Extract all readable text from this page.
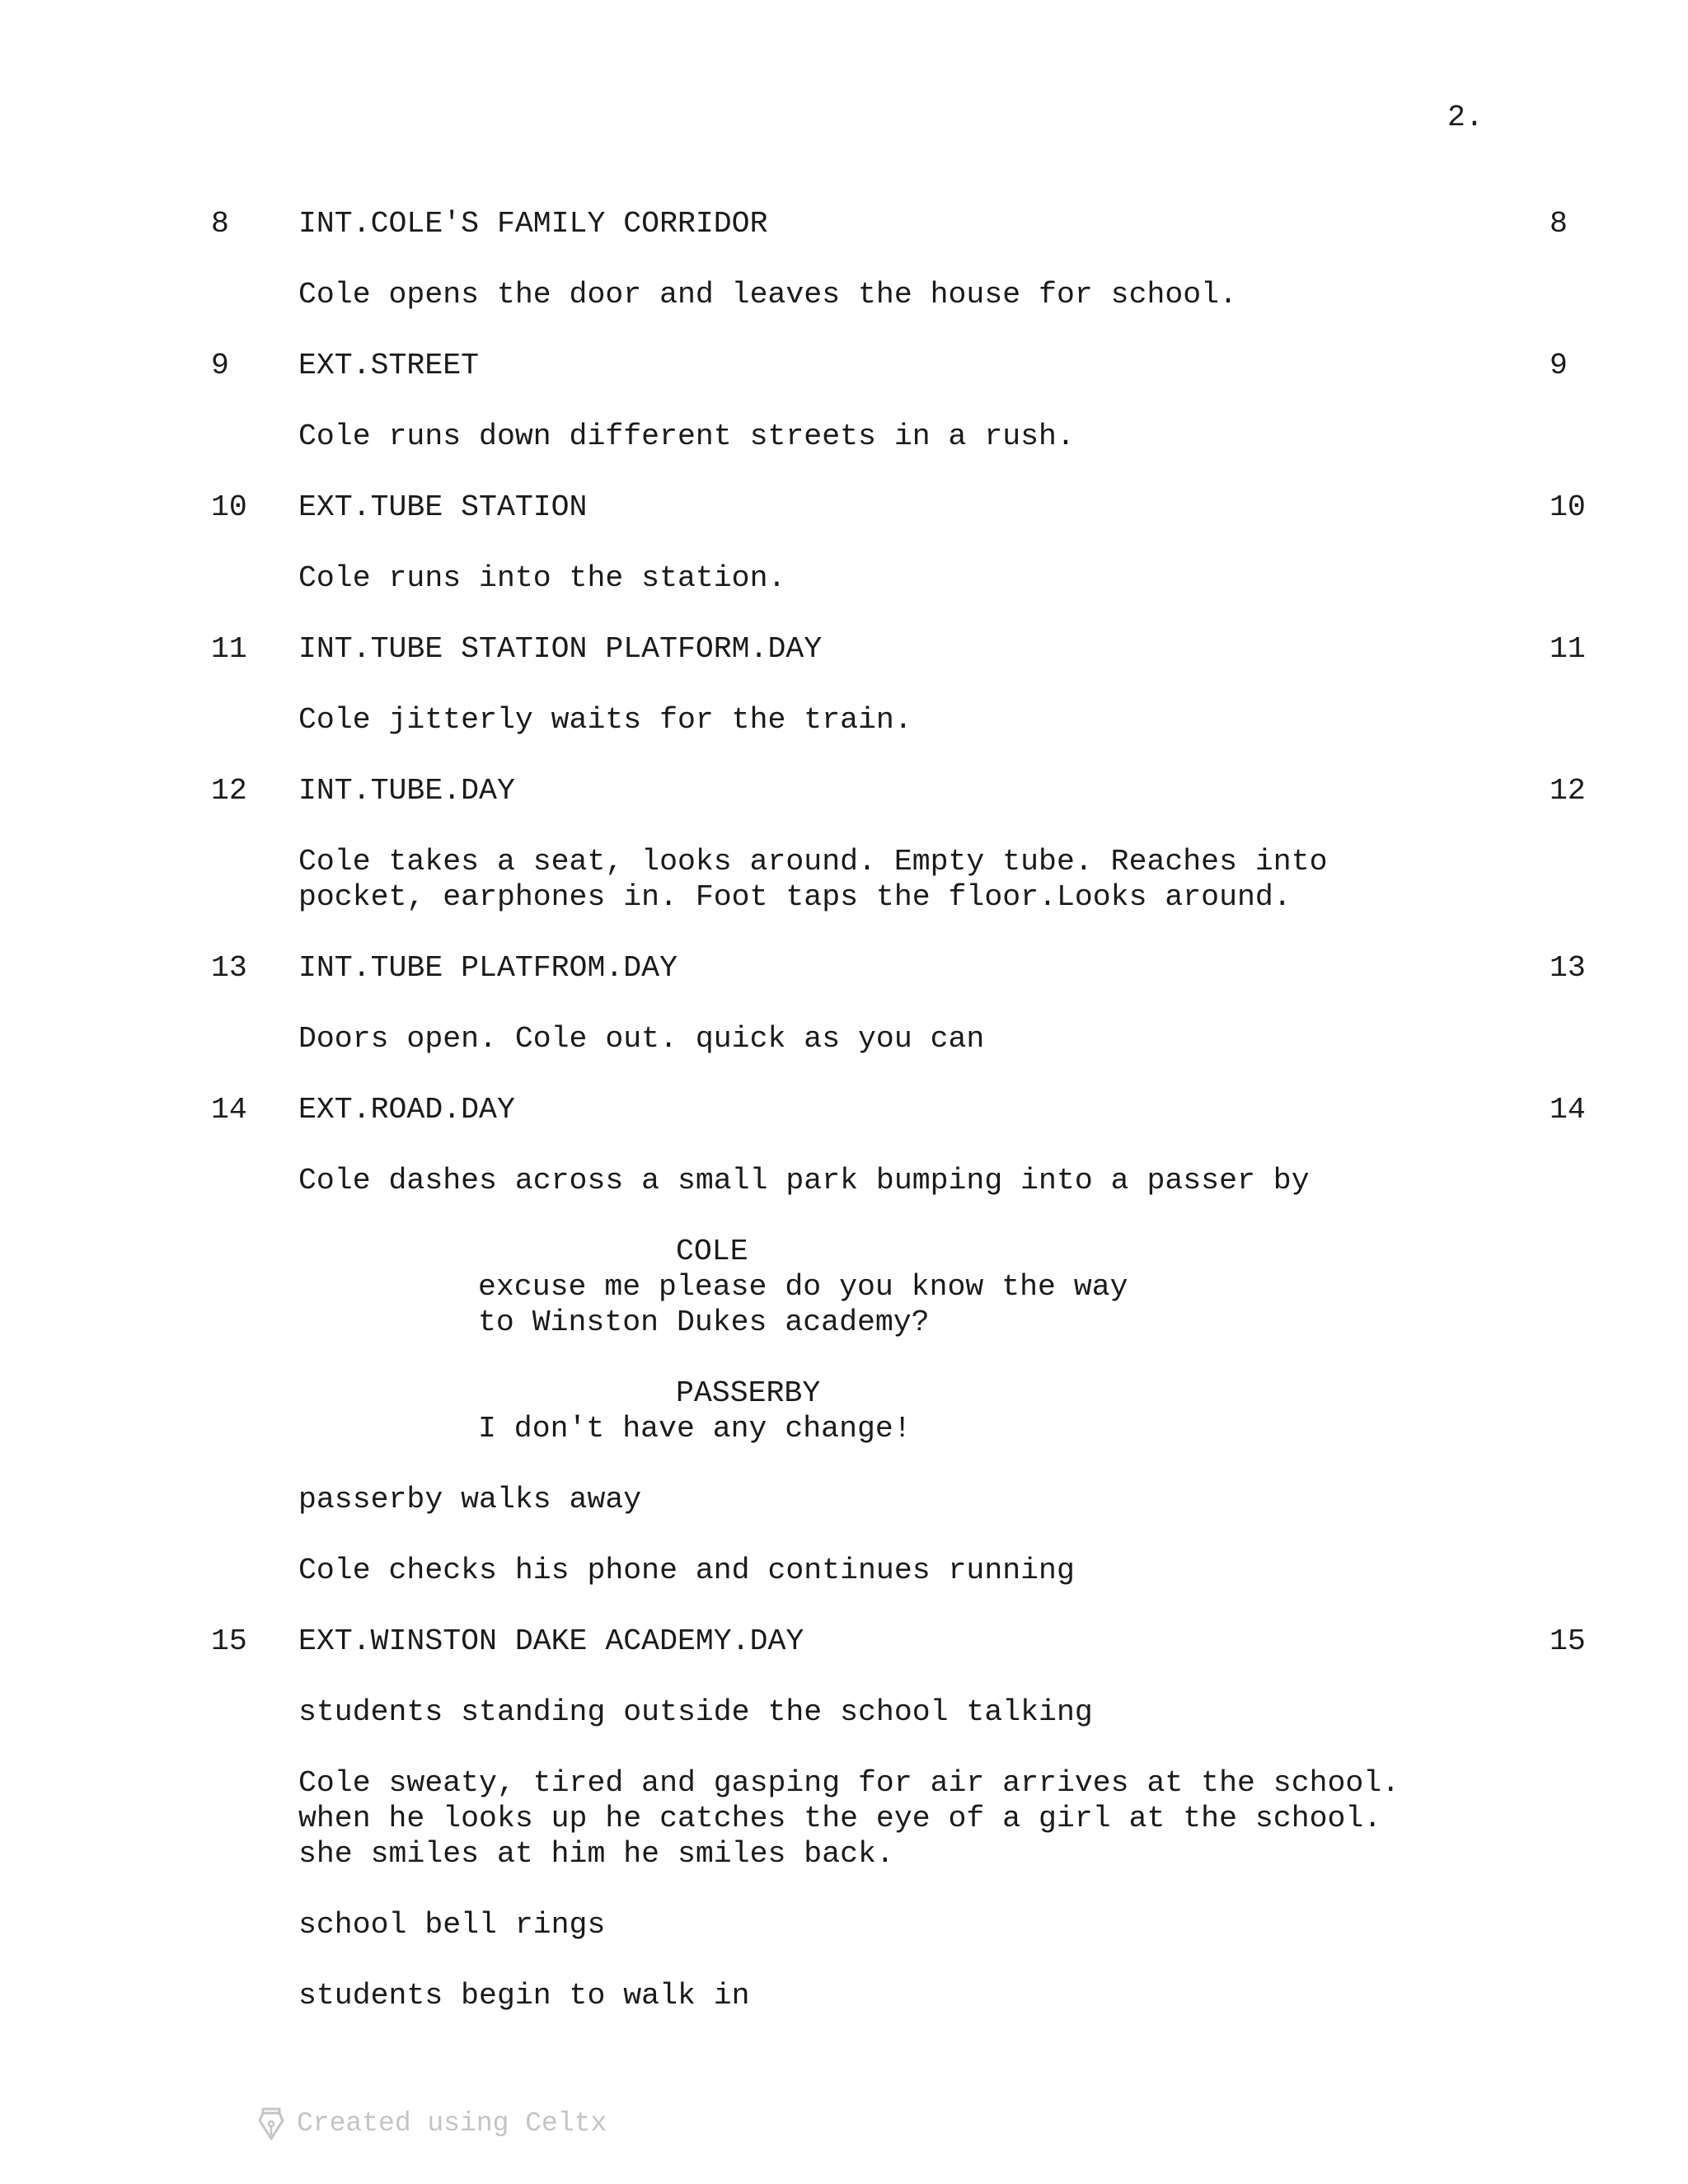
2.
8 INT.COLE'S FAMILY CORRIDOR	8
Cole opens the door and leaves the house for school.
9 EXT.STREET	9
Cole runs down different streets in a rush.
10 EXT.TUBE STATION	10
Cole runs into the station.
11 INT.TUBE STATION PLATFORM.DAY	11
Cole jitterly waits for the train.
12 INT.TUBE.DAY	12
Cole takes a seat, looks around. Empty tube. Reaches into
pocket, earphones in. Foot taps the floor.Looks around.
13 INT.TUBE PLATFROM.DAY	13
Doors open. Cole out. quick as you can
14 EXT.ROAD.DAY	14
Cole dashes across a small park bumping into a passer by
COLE
excuse me please do you know the way
to Winston Dukes academy?
PASSERBY
I don't have any change!
passerby walks away
Cole checks his phone and continues running
15 EXT.WINSTON DAKE ACADEMY.DAY	15
students standing outside the school talking
Cole sweaty, tired and gasping for air arrives at the school.
when he looks up he catches the eye of a girl at the school.
she smiles at him he smiles back.
school bell rings
students begin to walk in
Created using Celtx
